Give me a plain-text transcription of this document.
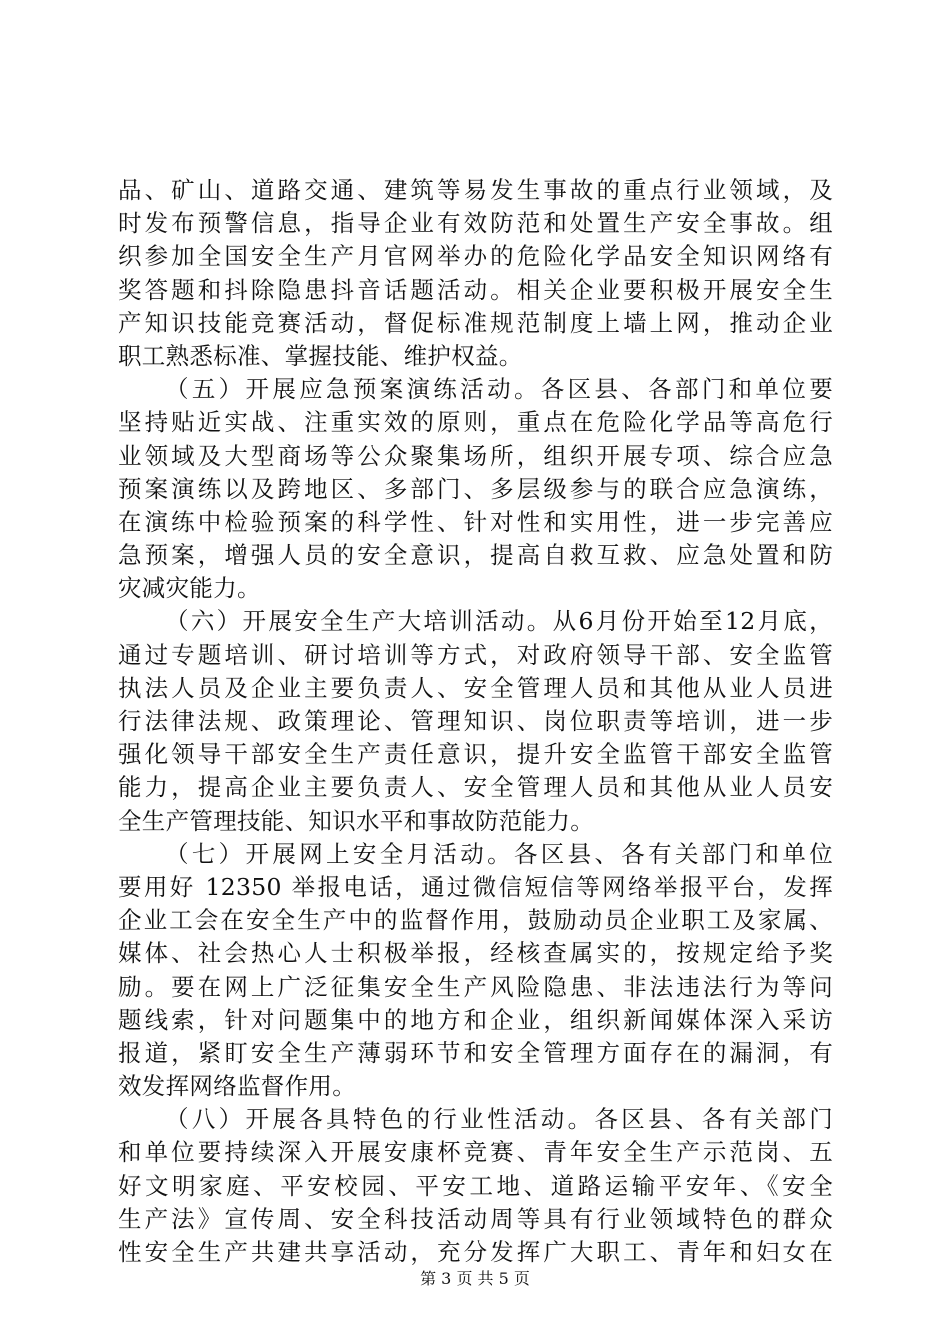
品、矿山、道路交通、建筑等易发生事故的重点行业领域，及
时发布预警信息，指导企业有效防范和处置生产安全事故。组
织参加全国安全生产月官网举办的危险化学品安全知识网络有
奖答题和抖除隐患抖音话题活动。相关企业要积极开展安全生
产知识技能竞赛活动，督促标准规范制度上墙上网，推动企业
职工熟悉标准、掌握技能、维护权益。
（五）开展应急预案演练活动。各区县、各部门和单位要
坚持贴近实战、注重实效的原则，重点在危险化学品等高危行
业领域及大型商场等公众聚集场所，组织开展专项、综合应急
预案演练以及跨地区、多部门、多层级参与的联合应急演练，
在演练中检验预案的科学性、针对性和实用性，进一步完善应
急预案，增强人员的安全意识，提高自救互救、应急处置和防
灾减灾能力。
（六）开展安全生产大培训活动。从6月份开始至12月底，
通过专题培训、研讨培训等方式，对政府领导干部、安全监管
执法人员及企业主要负责人、安全管理人员和其他从业人员进
行法律法规、政策理论、管理知识、岗位职责等培训，进一步
强化领导干部安全生产责任意识，提升安全监管干部安全监管
能力，提高企业主要负责人、安全管理人员和其他从业人员安
全生产管理技能、知识水平和事故防范能力。
（七）开展网上安全月活动。各区县、各有关部门和单位
要用好 12350 举报电话，通过微信短信等网络举报平台，发挥
企业工会在安全生产中的监督作用，鼓励动员企业职工及家属、
媒体、社会热心人士积极举报，经核查属实的，按规定给予奖
励。要在网上广泛征集安全生产风险隐患、非法违法行为等问
题线索，针对问题集中的地方和企业，组织新闻媒体深入采访
报道，紧盯安全生产薄弱环节和安全管理方面存在的漏洞，有
效发挥网络监督作用。
（八）开展各具特色的行业性活动。各区县、各有关部门
和单位要持续深入开展安康杯竞赛、青年安全生产示范岗、五
好文明家庭、平安校园、平安工地、道路运输平安年、《安全
生产法》宣传周、安全科技活动周等具有行业领域特色的群众
性安全生产共建共享活动，充分发挥广大职工、青年和妇女在
第 3 页 共 5 页
